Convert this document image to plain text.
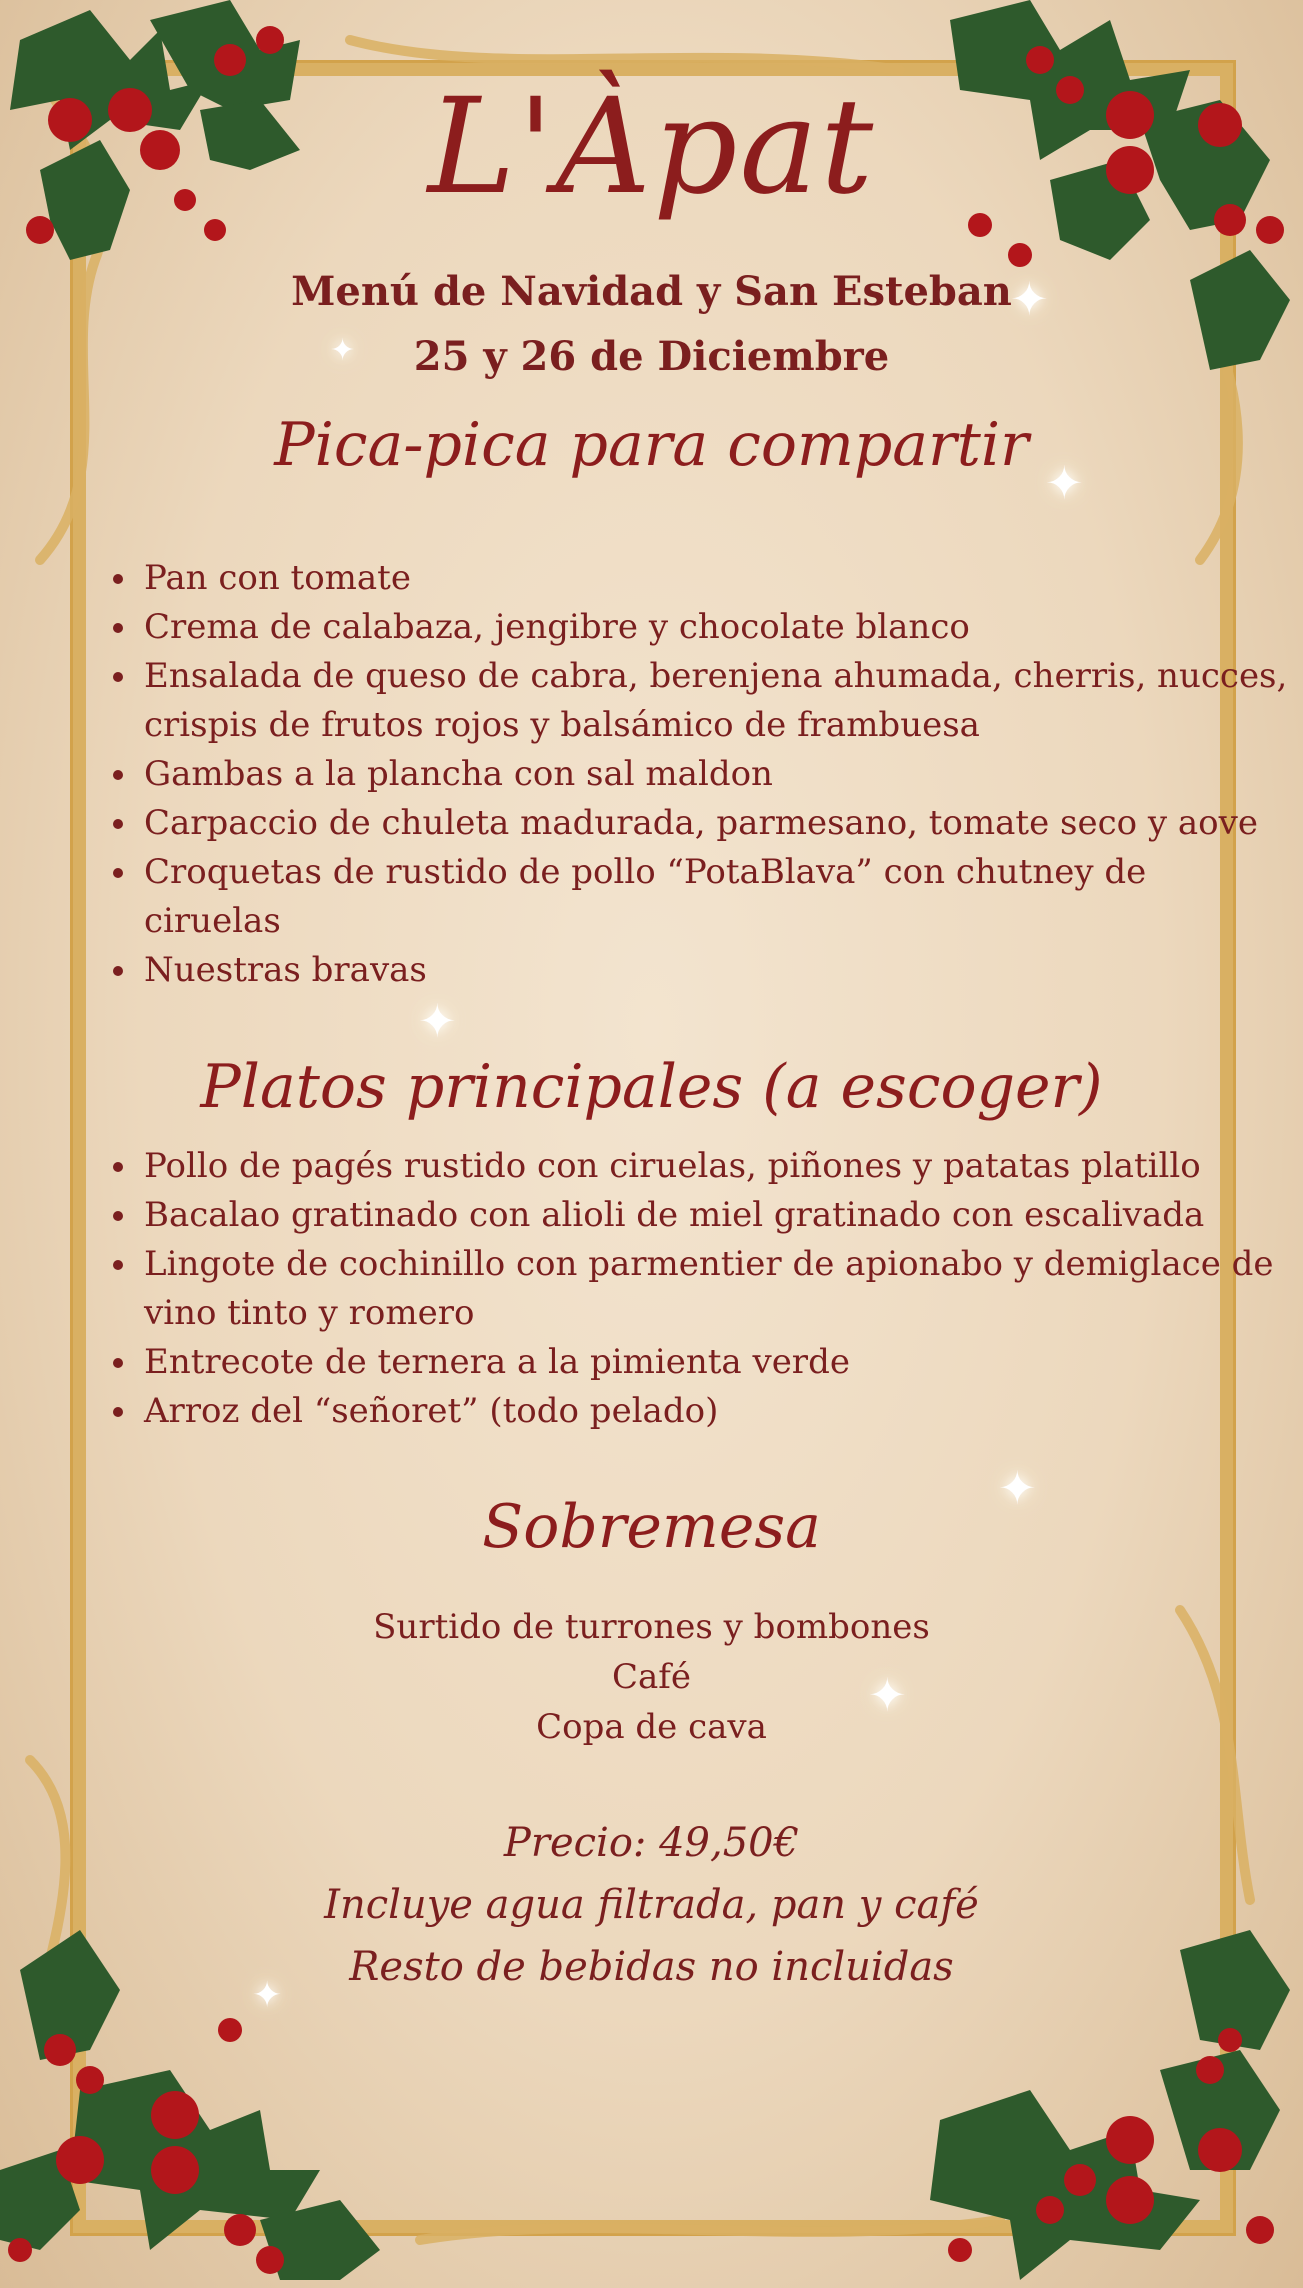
✦
✦
✦
✦
✦
✦
✦
L'Àpat
Menú de Navidad y San Esteban
25 y 26 de Diciembre
Pica-pica para compartir
• Pan con tomate
• Crema de calabaza, jengibre y chocolate blanco
• Ensalada de queso de cabra, berenjena ahumada, cherris, nucces, crispis de frutos rojos y balsámico de frambuesa
• Gambas a la plancha con sal maldon
• Carpaccio de chuleta madurada, parmesano, tomate seco y aove
• Croquetas de rustido de pollo “PotaBlava” con chutney de ciruelas
• Nuestras bravas
Platos principales (a escoger)
• Pollo de pagés rustido con ciruelas, piñones y patatas platillo
• Bacalao gratinado con alioli de miel gratinado con escalivada
• Lingote de cochinillo con parmentier de apionabo y demiglace de vino tinto y romero
• Entrecote de ternera a la pimienta verde
• Arroz del “señoret” (todo pelado)
Sobremesa
Surtido de turrones y bombones
Café
Copa de cava
Precio: 49,50€
Incluye agua filtrada, pan y café
Resto de bebidas no incluidas
